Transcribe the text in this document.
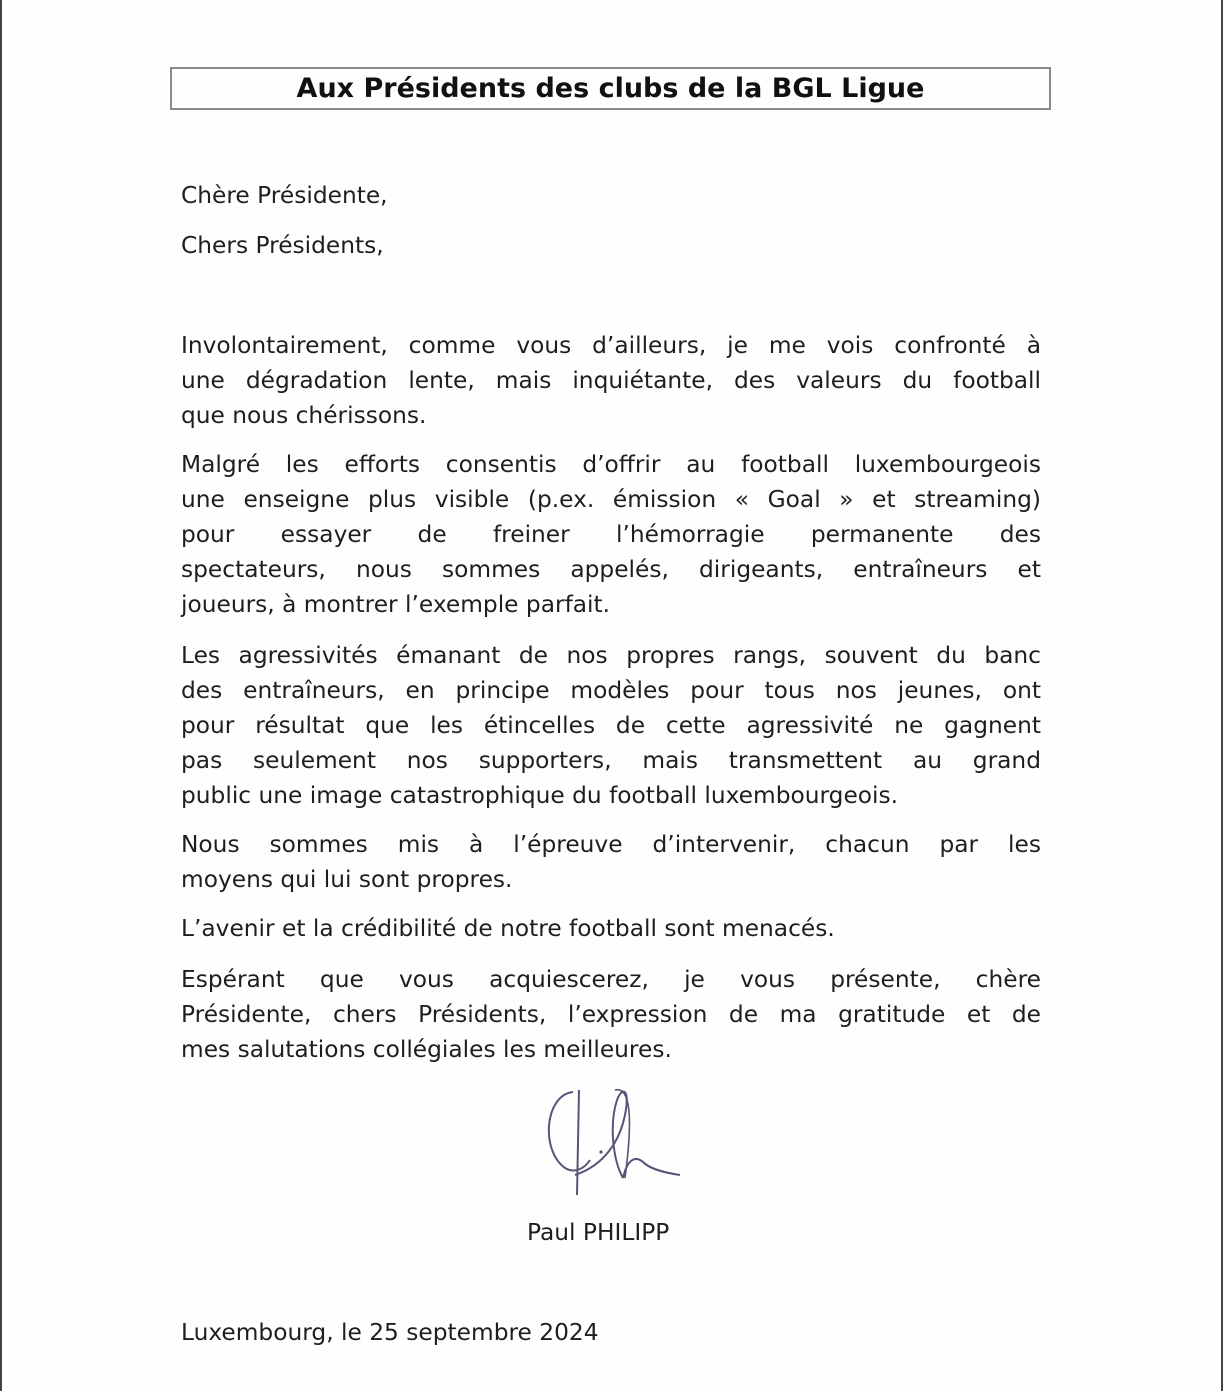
Aux Présidents des clubs de la BGL Ligue
Chère Présidente,
Chers Présidents,
Involontairement, comme vous d’ailleurs, je me vois confronté à
une dégradation lente, mais inquiétante, des valeurs du football
que nous chérissons.
Malgré les efforts consentis d’offrir au football luxembourgeois
une enseigne plus visible (p.ex. émission « Goal » et streaming)
pour essayer de freiner l’hémorragie permanente des
spectateurs, nous sommes appelés, dirigeants, entraîneurs et
joueurs, à montrer l’exemple parfait.
Les agressivités émanant de nos propres rangs, souvent du banc
des entraîneurs, en principe modèles pour tous nos jeunes, ont
pour résultat que les étincelles de cette agressivité ne gagnent
pas seulement nos supporters, mais transmettent au grand
public une image catastrophique du football luxembourgeois.
Nous sommes mis à l’épreuve d’intervenir, chacun par les
moyens qui lui sont propres.
L’avenir et la crédibilité de notre football sont menacés.
Espérant que vous acquiescerez, je vous présente, chère
Présidente, chers Présidents, l’expression de ma gratitude et de
mes salutations collégiales les meilleures.
Paul PHILIPP
Luxembourg, le 25 septembre 2024
